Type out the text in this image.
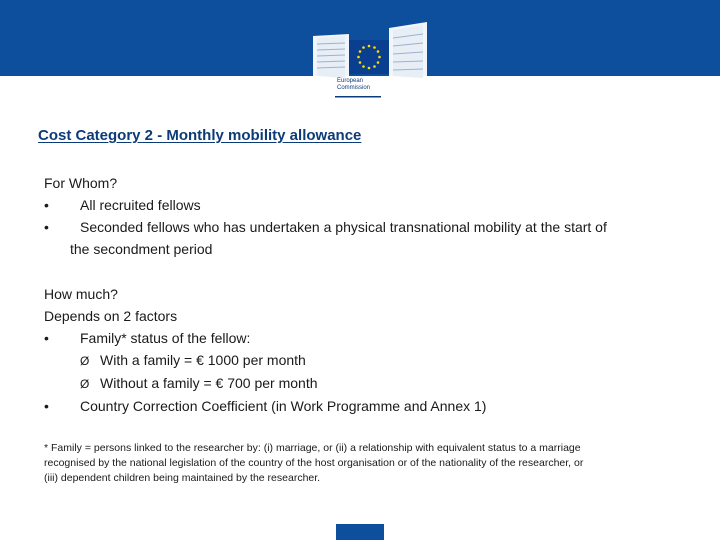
European
Commission
Cost Category 2 - Monthly mobility allowance
For Whom?
• All recruited fellows
• Seconded fellows who has undertaken a physical transnational mobility at the start of
the secondment period
How much?
Depends on 2 factors
• Family* status of the fellow:
Ø With a family = € 1000 per month
Ø Without a family = € 700 per month
• Country Correction Coefficient (in Work Programme and Annex 1)
* Family = persons linked to the researcher by: (i) marriage, or (ii) a relationship with equivalent status to a marriage
recognised by the national legislation of the country of the host organisation or of the nationality of the researcher, or
(iii) dependent children being maintained by the researcher.
